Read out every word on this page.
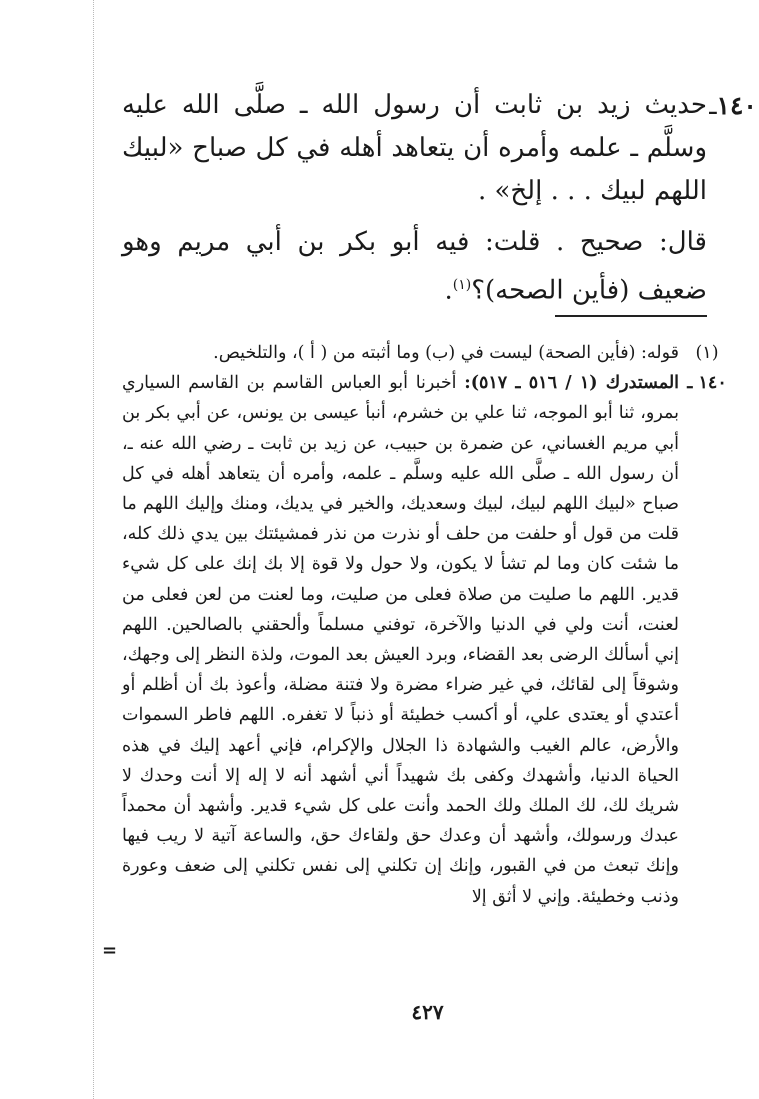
١٤٠ـ

حديث زيد بن ثابت أن رسول الله ـ صلَّى الله عليه وسلَّم ـ علمه وأمره أن يتعاهد أهله في كل صباح «لبيك اللهم لبيك . . . إلخ» .

قال: صحيح . قلت: فيه أبو بكر بن أبي مريم وهو ضعيف (فأين الصحه)؟$^{(١)}$.

(١)
قوله: (فأين الصحة) ليست في (ب) وما أثبته من ( أ )، والتلخيص.
١٤٠ ـ
المستدرك (١ / ٥١٦ ـ ٥١٧): أخبرنا أبو العباس القاسم بن القاسم السياري بمرو، ثنا أبو الموجه، ثنا علي بن خشرم، أنبأ عيسى بن يونس، عن أبي بكر بن أبي مريم الغساني، عن ضمرة بن حبيب، عن زيد بن ثابت ـ رضي الله عنه ـ، أن رسول الله ـ صلَّى الله عليه وسلَّم ـ علمه، وأمره أن يتعاهد أهله في كل صباح «لبيك اللهم لبيك، لبيك وسعديك، والخير في يديك، ومنك وإليك اللهم ما قلت من قول أو حلفت من حلف أو نذرت من نذر فمشيئتك بين يدي ذلك كله، ما شئت كان وما لم تشأ لا يكون، ولا حول ولا قوة إلا بك إنك على كل شيء قدير. اللهم ما صليت من صلاة فعلى من صليت، وما لعنت من لعن فعلى من لعنت، أنت ولي في الدنيا والآخرة، توفني مسلماً وألحقني بالصالحين. اللهم إني أسألك الرضى بعد القضاء، وبرد العيش بعد الموت، ولذة النظر إلى وجهك، وشوقاً إلى لقائك، في غير ضراء مضرة ولا فتنة مضلة، وأعوذ بك أن أظلم أو أعتدي أو يعتدى علي، أو أكسب خطيئة أو ذنباً لا تغفره. اللهم فاطر السموات والأرض، عالم الغيب والشهادة ذا الجلال والإكرام، فإني أعهد إليك في هذه الحياة الدنيا، وأشهدك وكفى بك شهيداً أني أشهد أنه لا إله إلا أنت وحدك لا شريك لك، لك الملك ولك الحمد وأنت على كل شيء قدير. وأشهد أن محمداً عبدك ورسولك، وأشهد أن وعدك حق ولقاءك حق، والساعة آتية لا ريب فيها وإنك تبعث من في القبور، وإنك إن تكلني إلى نفس تكلني إلى ضعف وعورة وذنب وخطيئة. وإني لا أثق إلا
=
٤٢٧
